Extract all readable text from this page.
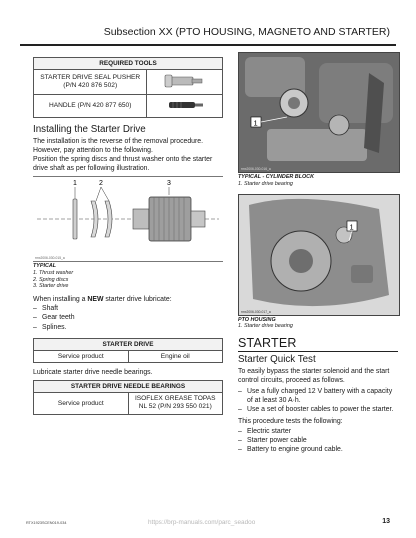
Subsection XX (PTO HOUSING, MAGNETO AND STARTER)
REQUIRED TOOLS	
STARTER DRIVE SEAL PUSHER (P/N 420 876 502)	
HANDLE (P/N 420 877 650)	
Installing the Starter Drive

The installation is the reverse of the removal procedure. However, pay attention to the following.

Position the spring discs and thrust washer onto the starter drive shaft as per following illustration.

1	2	3
rmx2006-030-015_a
TYPICAL
1. Thrust washer
2. Spring discs
3. Starter drive

When installing a NEW starter drive lubricate:

– Shaft
– Gear teeth
– Splines.
STARTER DRIVE
Service product	Engine oil

Lubricate starter drive needle bearings.

STARTER DRIVE NEEDLE BEARINGS
Service product	ISOFLEX GREASE TOPAS NL 52 (P/N 293 550 021)
1
rmx2006-030-016_a
TYPICAL - CYLINDER BLOCK
1. Starter drive bearing
1
rmx2006-030-017_a
PTO HOUSING
1. Starter drive bearing
STARTER
Starter Quick Test

To easily bypass the starter solenoid and the start control circuits, proceed as follows.

– Use a fully charged 12 V battery with a capacity of at least 30 A·h.
– Use a set of booster cables to power the starter.

This procedure tests the following:

– Electric starter
– Starter power cable
– Battery to engine ground cable.
RTX1923SCEN019-034	https://brp-manuals.com/parc_seadoo	13
